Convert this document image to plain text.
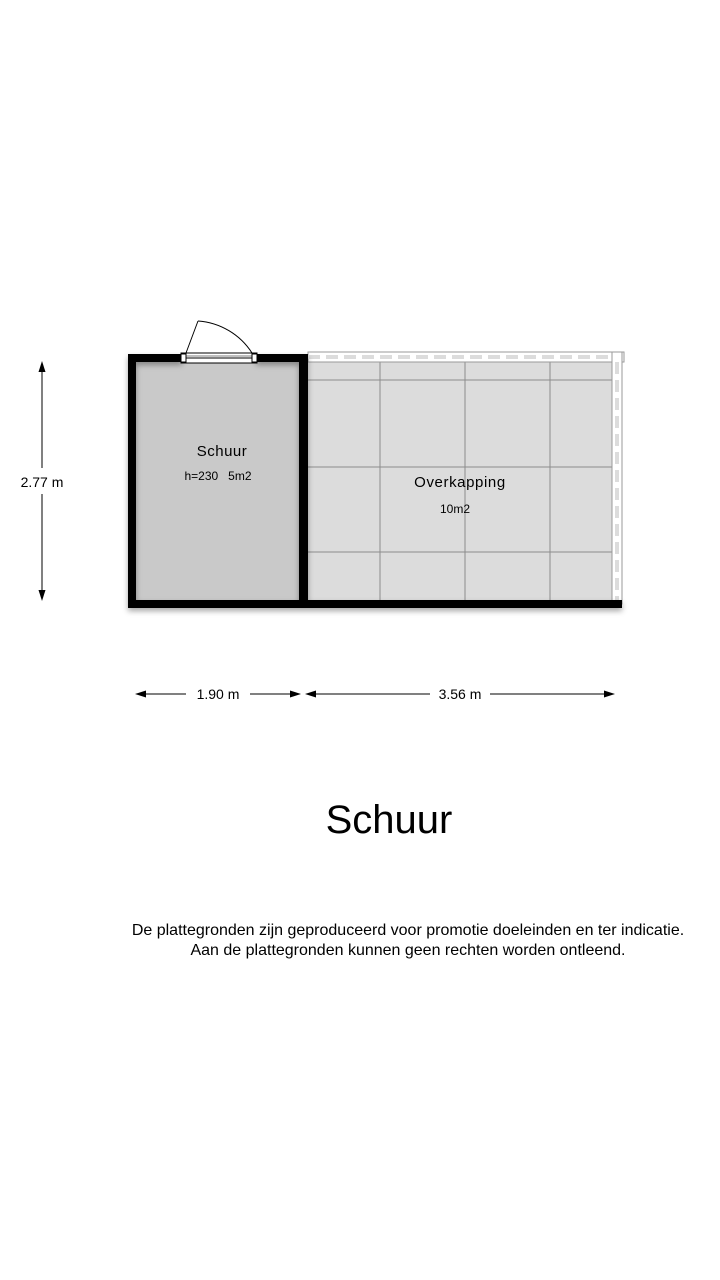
Schuur
h=230   5m2	Overkapping
10m2
2.77 m
1.90 m	3.56 m
Schuur
De plattegronden zijn geproduceerd voor promotie doeleinden en ter indicatie.
Aan de plattegronden kunnen geen rechten worden ontleend.
